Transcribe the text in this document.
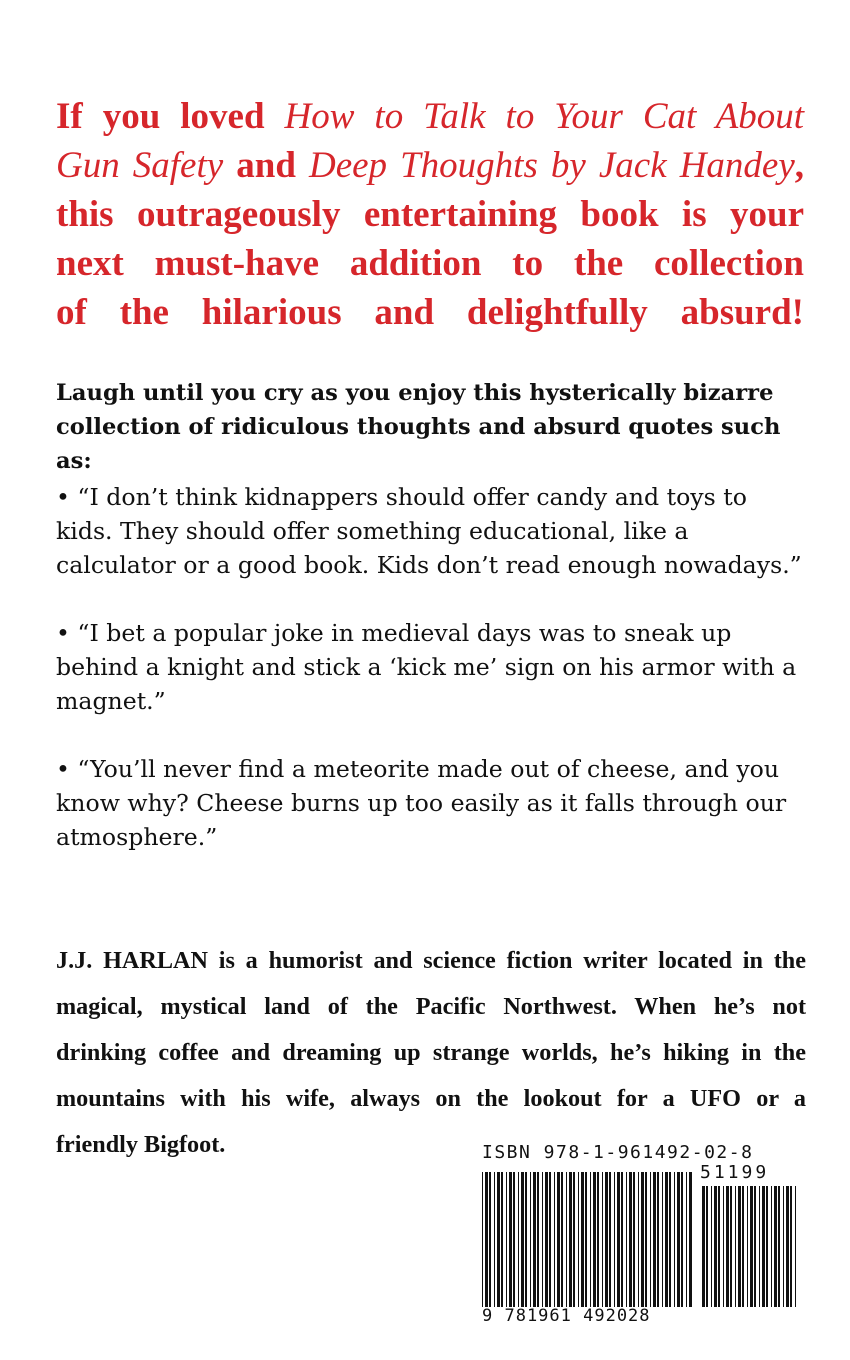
If you loved How to Talk to Your Cat About
Gun Safety and Deep Thoughts by Jack Handey,
this outrageously entertaining book is your
next must-have addition to the collection
of the hilarious and delightfully absurd!
Laugh until you cry as you enjoy this hysterically bizarre collection of ridiculous thoughts and absurd quotes such as:
• “I don’t think kidnappers should offer candy and toys to kids. They should offer something educational, like a calculator or a good book. Kids don’t read enough nowadays.”
• “I bet a popular joke in medieval days was to sneak up behind a knight and stick a ‘kick me’ sign on his armor with a magnet.”
• “You’ll never find a meteorite made out of cheese, and you know why? Cheese burns up too easily as it falls through our atmosphere.”
J.J. HARLAN is a humorist and science fiction writer located in the
magical, mystical land of the Pacific Northwest. When he’s not
drinking coffee and dreaming up strange worlds, he’s hiking in the
mountains with his wife, always on the lookout for a UFO or a
friendly Bigfoot.	ISBN 978-1-961492-02-8
51199
9 781961 492028
